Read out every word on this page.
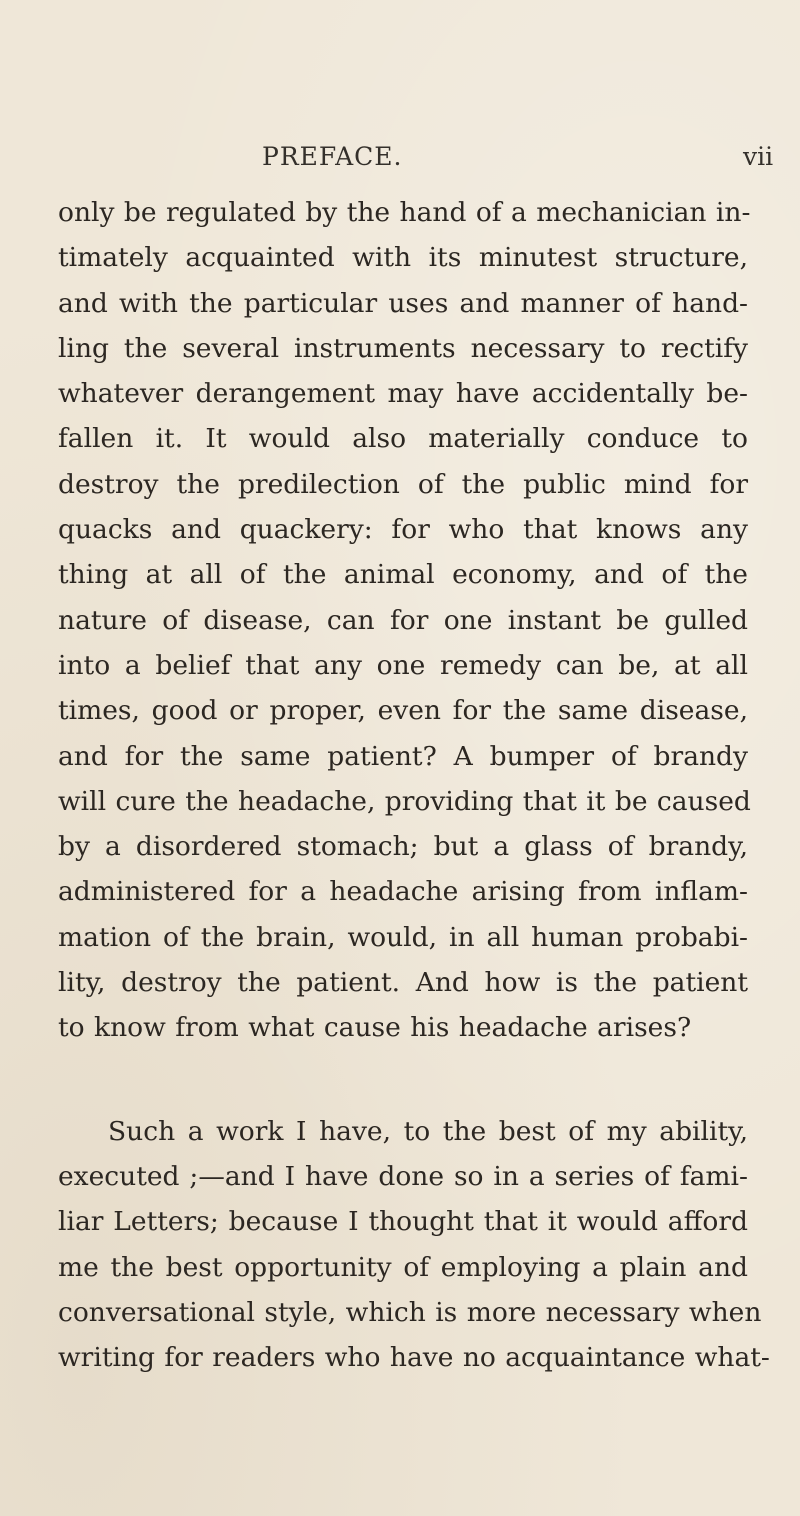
PREFACE.	vii
only be regulated by the hand of a mechanician in-
timately acquainted with its minutest structure,
and with the particular uses and manner of hand-
ling the several instruments necessary to rectify
whatever derangement may have accidentally be-
fallen it. It would also materially conduce to
destroy the predilection of the public mind for
quacks and quackery: for who that knows any
thing at all of the animal economy, and of the
nature of disease, can for one instant be gulled
into a belief that any one remedy can be, at all
times, good or proper, even for the same disease,
and for the same patient? A bumper of brandy
will cure the headache, providing that it be caused
by a disordered stomach; but a glass of brandy,
administered for a headache arising from inflam-
mation of the brain, would, in all human probabi-
lity, destroy the patient. And how is the patient
to know from what cause his headache arises?
Such a work I have, to the best of my ability,
executed ;—and I have done so in a series of fami-
liar Letters; because I thought that it would afford
me the best opportunity of employing a plain and
conversational style, which is more necessary when
writing for readers who have no acquaintance what-
